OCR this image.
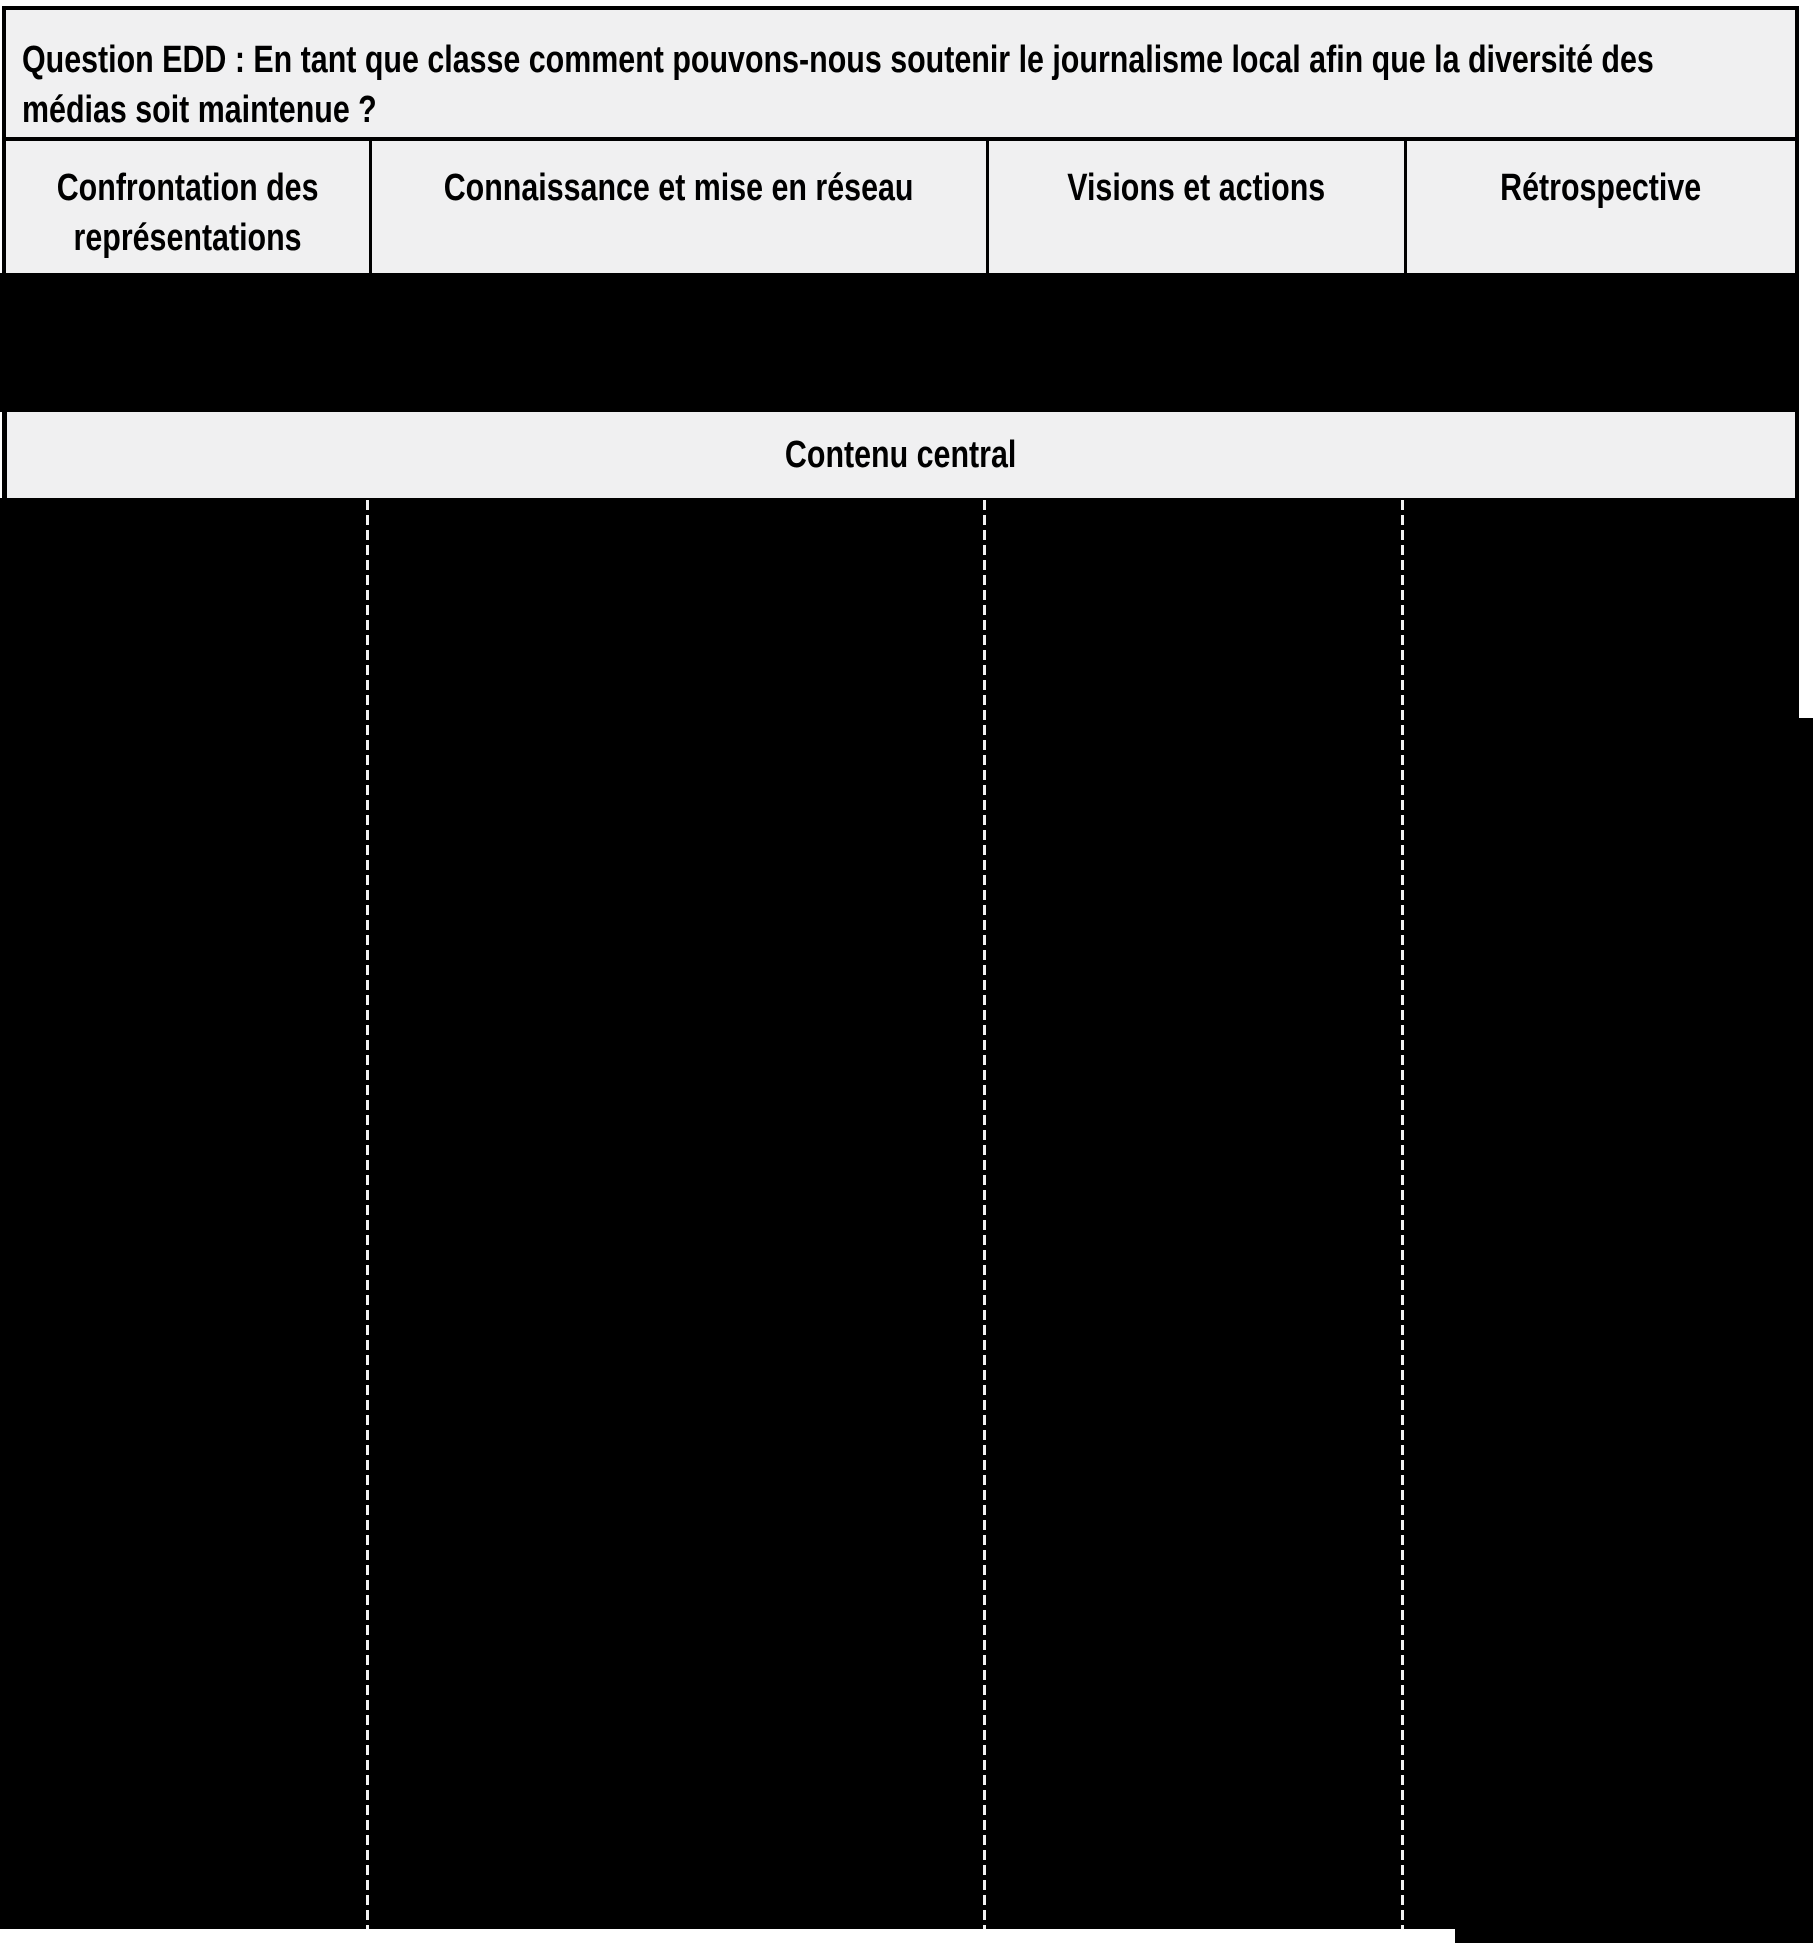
Question EDD : En tant que classe comment pouvons-nous soutenir le journalisme local afin que la diversité des
médias soit maintenue ?
Confrontation des
représentations
Connaissance et mise en réseau	Visions et actions	Rétrospective
Contenu central
